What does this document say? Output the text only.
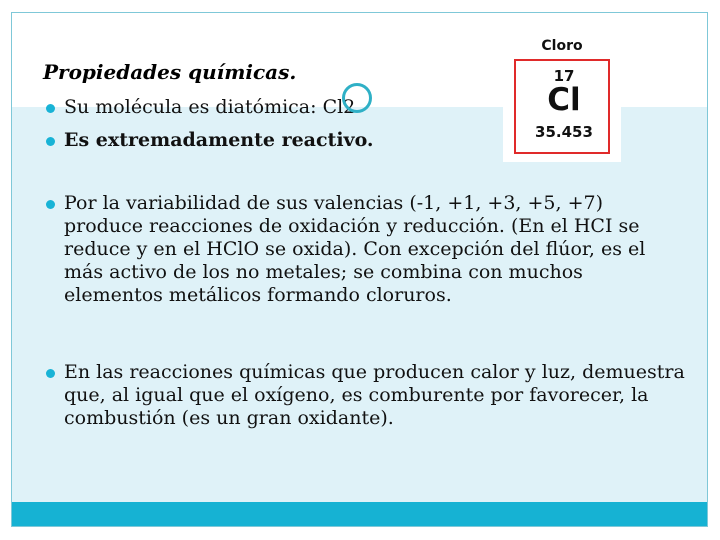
Propiedades químicas.
Su molécula es diatómica: Cl2
Es extremadamente reactivo.
Por la variabilidad de sus valencias (-1, +1, +3, +5, +7) produce reacciones de oxidación y reducción. (En el HCI se reduce y en el HClO se oxida). Con excepción del flúor, es el más activo de los no metales; se combina con muchos elementos metálicos formando cloruros.
En las reacciones químicas que producen calor y luz, demuestra que, al igual que el oxígeno, es comburente por favorecer, la combustión (es un gran oxidante).
Cloro
17
Cl
35.453
